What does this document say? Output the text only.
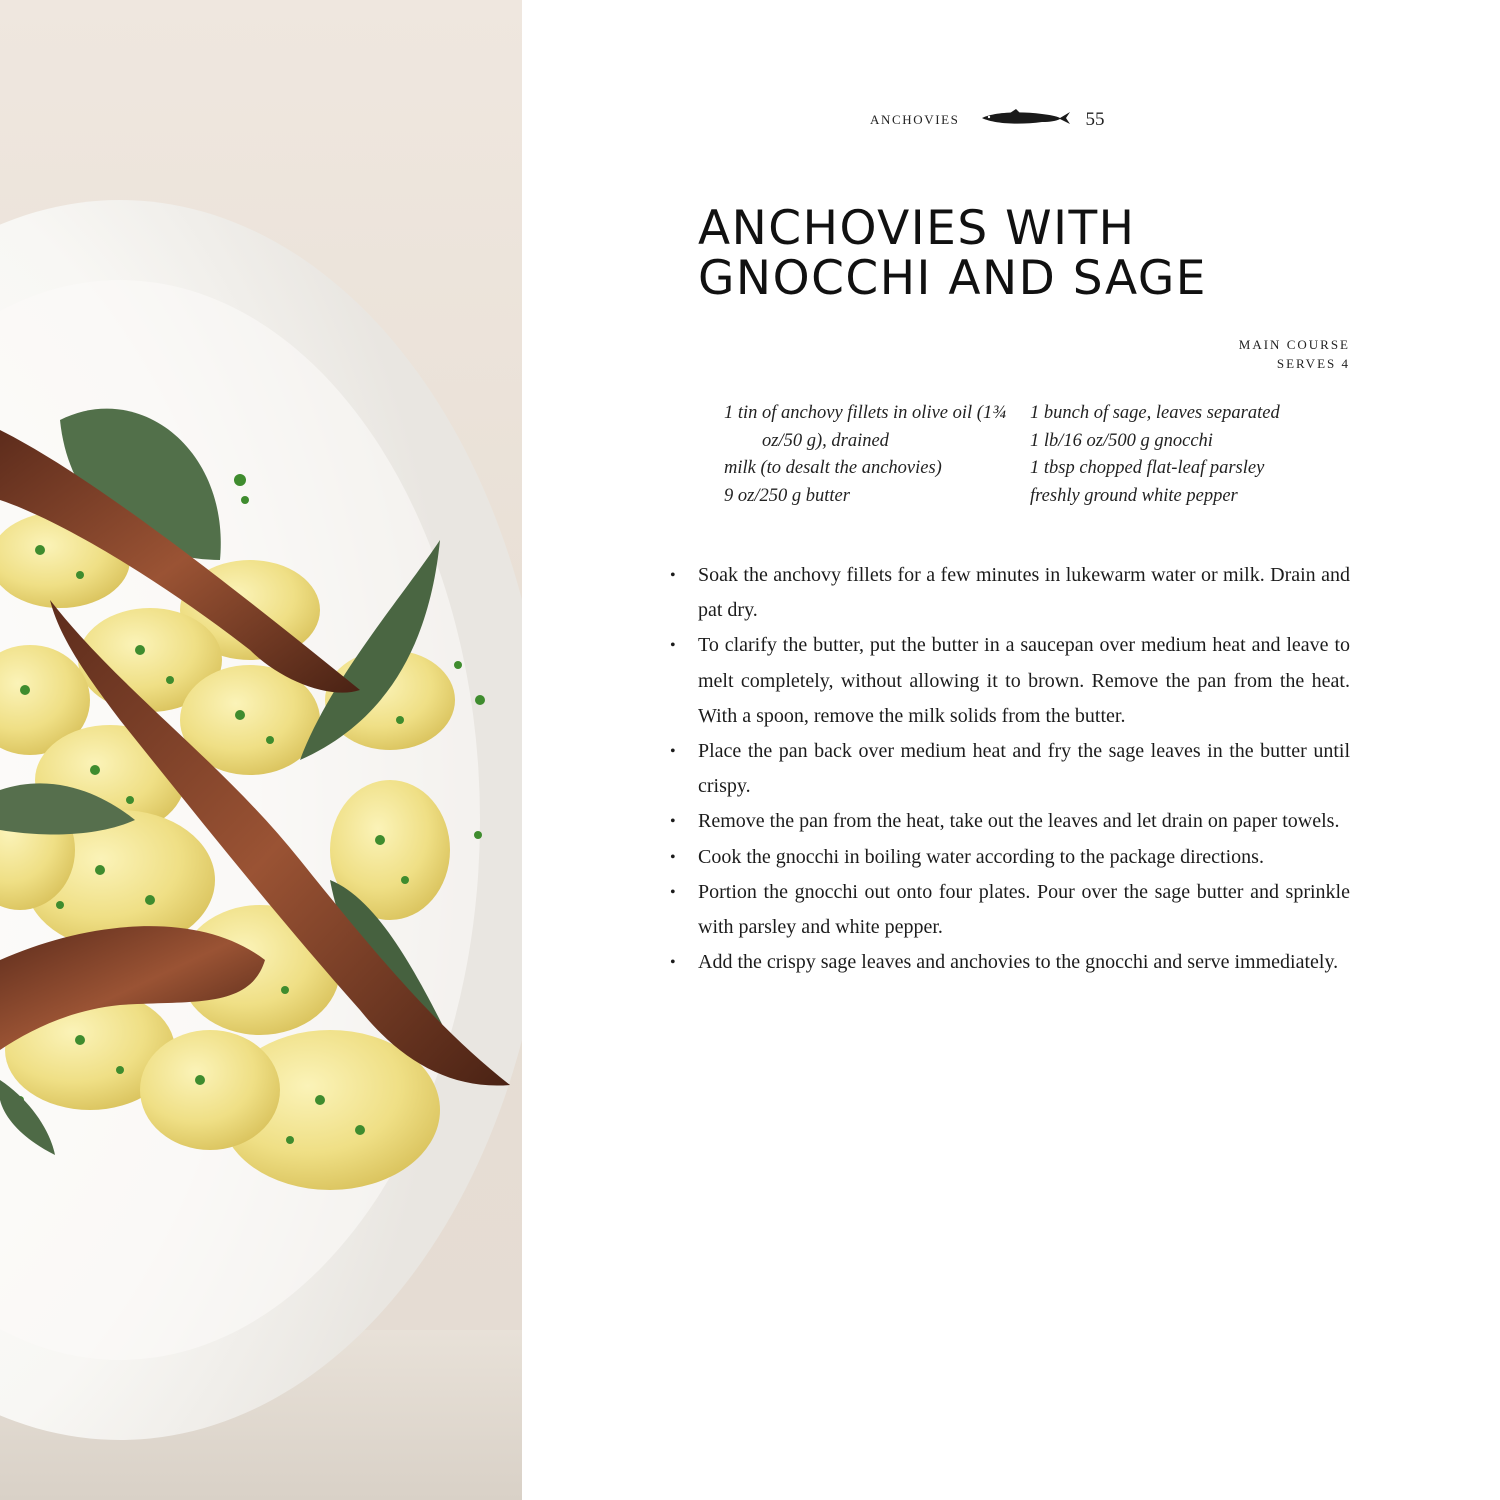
ANCHOVIES	55
ANCHOVIES WITH
GNOCCHI AND SAGE
MAIN COURSE
SERVES 4
1 tin of anchovy fillets in olive oil (1¾ oz/50 g), drained
milk (to desalt the anchovies)
9 oz/250 g butter
1 bunch of sage, leaves separated
1 lb/16 oz/500 g gnocchi
1 tbsp chopped flat-leaf parsley
freshly ground white pepper
• Soak the anchovy fillets for a few minutes in lukewarm water or milk. Drain and pat dry.
• To clarify the butter, put the butter in a saucepan over medium heat and leave to melt completely, without allowing it to brown. Remove the pan from the heat. With a spoon, remove the milk solids from the butter.
• Place the pan back over medium heat and fry the sage leaves in the butter until crispy.
• Remove the pan from the heat, take out the leaves and let drain on paper towels.
• Cook the gnocchi in boiling water according to the package directions.
• Portion the gnocchi out onto four plates. Pour over the sage butter and sprinkle with parsley and white pepper.
• Add the crispy sage leaves and anchovies to the gnocchi and serve immediately.
